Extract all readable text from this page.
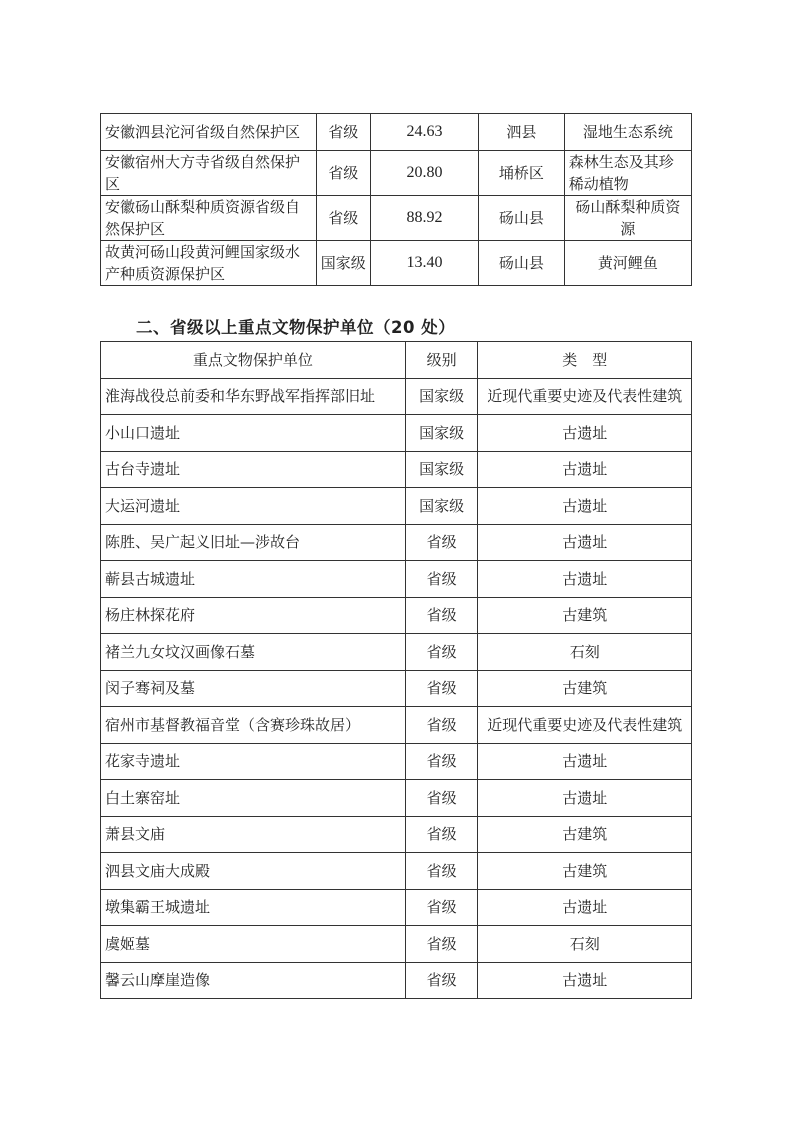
安徽泗县沱河省级自然保护区	省级	24.63	泗县	湿地生态系统
安徽宿州大方寺省级自然保护区	省级	20.80	埇桥区	森林生态及其珍稀动植物
安徽砀山酥梨种质资源省级自然保护区	省级	88.92	砀山县	砀山酥梨种质资源
故黄河砀山段黄河鲤国家级水产种质资源保护区	国家级	13.40	砀山县	黄河鲤鱼
二、省级以上重点文物保护单位（20 处）
重点文物保护单位	级别	类　型
淮海战役总前委和华东野战军指挥部旧址	国家级	近现代重要史迹及代表性建筑
小山口遗址	国家级	古遗址
古台寺遗址	国家级	古遗址
大运河遗址	国家级	古遗址
陈胜、吴广起义旧址—涉故台	省级	古遗址
蕲县古城遗址	省级	古遗址
杨庄林探花府	省级	古建筑
褚兰九女坟汉画像石墓	省级	石刻
闵子骞祠及墓	省级	古建筑
宿州市基督教福音堂（含赛珍珠故居）	省级	近现代重要史迹及代表性建筑
花家寺遗址	省级	古遗址
白土寨窑址	省级	古遗址
萧县文庙	省级	古建筑
泗县文庙大成殿	省级	古建筑
墩集霸王城遗址	省级	古遗址
虞姬墓	省级	石刻
馨云山摩崖造像	省级	古遗址
